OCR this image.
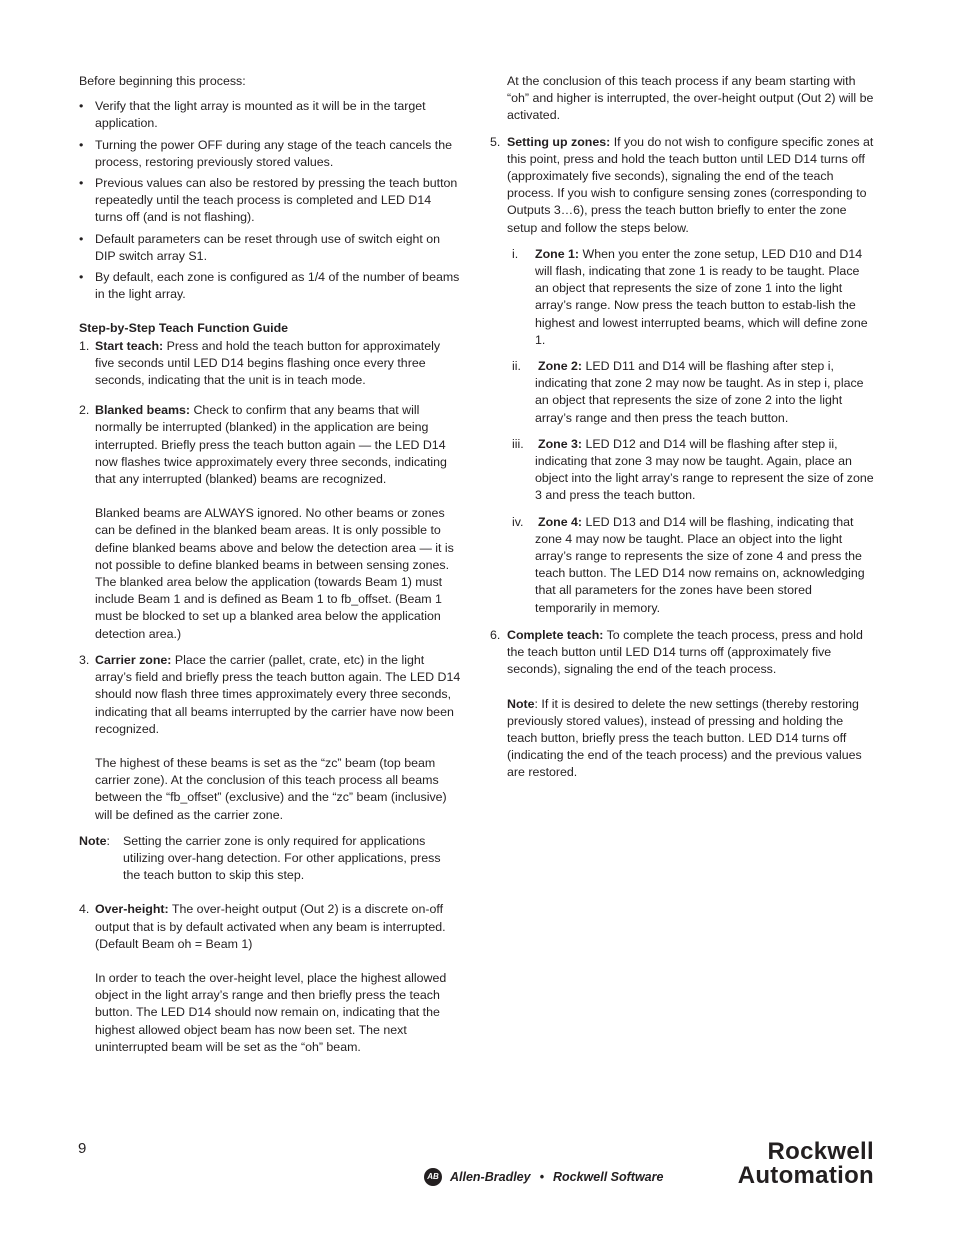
Before beginning this process:

• Verify that the light array is mounted as it will be in the target application.
• Turning the power OFF during any stage of the teach cancels the process, restoring previously stored values.
• Previous values can also be restored by pressing the teach button repeatedly until the teach process is completed and LED D14 turns off (and is not flashing).
• Default parameters can be reset through use of switch eight on DIP switch array S1.
• By default, each zone is configured as 1/4 of the number of beams in the light array.

Step-by-Step Teach Function Guide

1. Start teach: Press and hold the teach button for approximately five seconds until LED D14 begins flashing once every three seconds, indicating that the unit is in teach mode.
2. Blanked beams: Check to confirm that any beams that will normally be interrupted (blanked) in the application are being interrupted. Briefly press the teach button again — the LED D14 now flashes twice approximately every three seconds, indicating that any interrupted (blanked) beams are recognized.

Blanked beams are ALWAYS ignored. No other beams or zones can be defined in the blanked beam areas. It is only possible to define blanked beams above and below the detection area — it is not possible to define blanked beams in between sensing zones. The blanked area below the application (towards Beam 1) must include Beam 1 and is defined as Beam 1 to fb_offset. (Beam 1 must be blocked to set up a blanked area below the application detection area.)

3. Carrier zone: Place the carrier (pallet, crate, etc) in the light array’s field and briefly press the teach button again. The LED D14 should now flash three times approximately every three seconds, indicating that all beams interrupted by the carrier have now been recognized.

The highest of these beams is set as the “zc” beam (top beam carrier zone). At the conclusion of this teach process all beams between the “fb_offset” (exclusive) and the “zc” beam (inclusive) will be defined as the carrier zone.

Note: Setting the carrier zone is only required for applications utilizing over-hang detection. For other applications, press the teach button to skip this step.
4. Over-height: The over-height output (Out 2) is a discrete on-off output that is by default activated when any beam is interrupted. (Default Beam oh = Beam 1)

In order to teach the over-height level, place the highest allowed object in the light array’s range and then briefly press the teach button. The LED D14 should now remain on, indicating that the highest allowed object beam has now been set. The next uninterrupted beam will be set as the “oh” beam.

At the conclusion of this teach process if any beam starting with “oh” and higher is interrupted, the over-height output (Out 2) will be activated.

5. Setting up zones: If you do not wish to configure specific zones at this point, press and hold the teach button until LED D14 turns off (approximately five seconds), signaling the end of the teach process. If you wish to configure sensing zones (corresponding to Outputs 3…6), press the teach button briefly to enter the zone setup and follow the steps below.
i. Zone 1: When you enter the zone setup, LED D10 and D14 will flash, indicating that zone 1 is ready to be taught. Place an object that represents the size of zone 1 into the light array’s range. Now press the teach button to estab-lish the highest and lowest interrupted beams, which will define zone 1.
ii. Zone 2: LED D11 and D14 will be flashing after step i, indicating that zone 2 may now be taught. As in step i, place an object that represents the size of zone 2 into the light array’s range and then press the teach button.
iii. Zone 3: LED D12 and D14 will be flashing after step ii, indicating that zone 3 may now be taught. Again, place an object into the light array’s range to represent the size of zone 3 and press the teach button.
iv. Zone 4: LED D13 and D14 will be flashing, indicating that zone 4 may now be taught. Place an object into the light array’s range to represents the size of zone 4 and press the teach button. The LED D14 now remains on, acknowledging that all parameters for the zones have been stored temporarily in memory.
6. Complete teach: To complete the teach process, press and hold the teach button until LED D14 turns off (approximately five seconds), signaling the end of the teach process.

Note: If it is desired to delete the new settings (thereby restoring previously stored values), instead of pressing and holding the teach button, briefly press the teach button. LED D14 turns off (indicating the end of the teach process) and the previous values are restored.

9
AB Allen-Bradley • Rockwell Software
Rockwell
Automation
